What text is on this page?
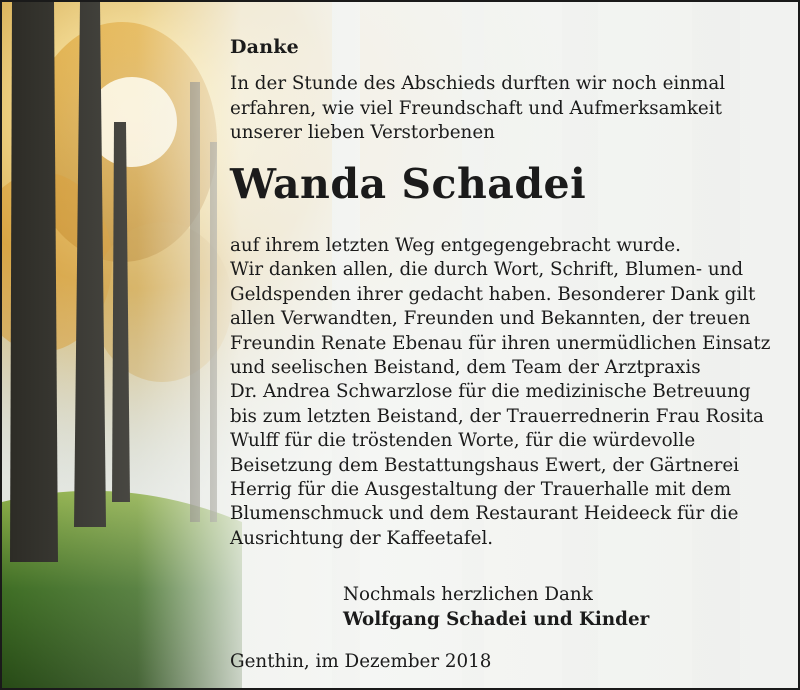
Danke
In der Stunde des Abschieds durften wir noch einmal
erfahren, wie viel Freundschaft und Aufmerksamkeit
unserer lieben Verstorbenen
Wanda Schadei
auf ihrem letzten Weg entgegengebracht wurde.
Wir danken allen, die durch Wort, Schrift, Blumen- und
Geldspenden ihrer gedacht haben. Besonderer Dank gilt
allen Verwandten, Freunden und Bekannten, der treuen
Freundin Renate Ebenau für ihren unermüdlichen Einsatz
und seelischen Beistand, dem Team der Arztpraxis
Dr. Andrea Schwarzlose für die medizinische Betreuung
bis zum letzten Beistand, der Trauerrednerin Frau Rosita
Wulff für die tröstenden Worte, für die würdevolle
Beisetzung dem Bestattungshaus Ewert, der Gärtnerei
Herrig für die Ausgestaltung der Trauerhalle mit dem
Blumenschmuck und dem Restaurant Heideeck für die
Ausrichtung der Kaffeetafel.
Nochmals herzlichen Dank
Wolfgang Schadei und Kinder
Genthin, im Dezember 2018
